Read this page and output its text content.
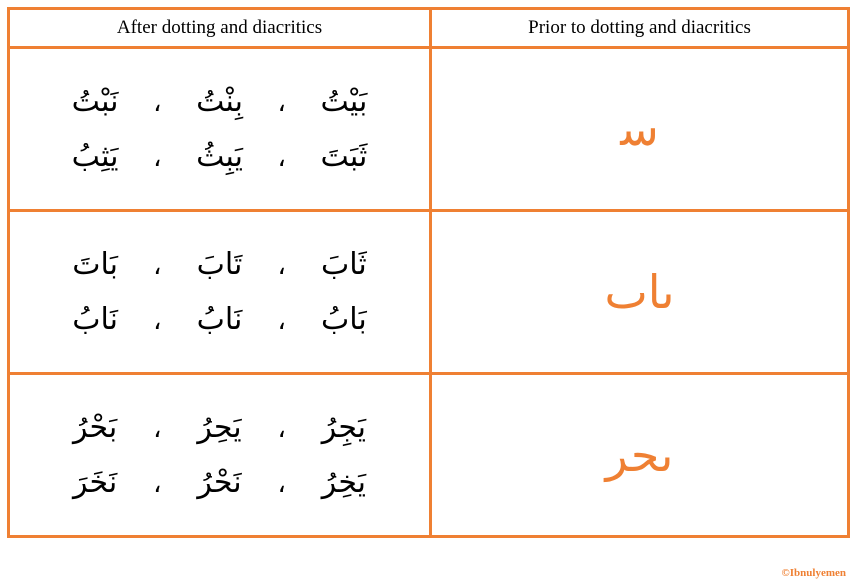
After dotting and diacritics	Prior to dotting and diacritics

بَيْتُ،بِنْتُ،نَبْتُ
ثَبَتَ،يَبِثُ،يَثِبُ	ﺳ

ثَابَ،تَابَ،بَاتَ
بَابُ،نَابُ،نَابُ	ںاٮ

يَجِرُ،يَحِرُ،بَحْرُ
يَخِرُ،نَحْرُ،نَخَرَ	ٮحر
©Ibnulyemen
